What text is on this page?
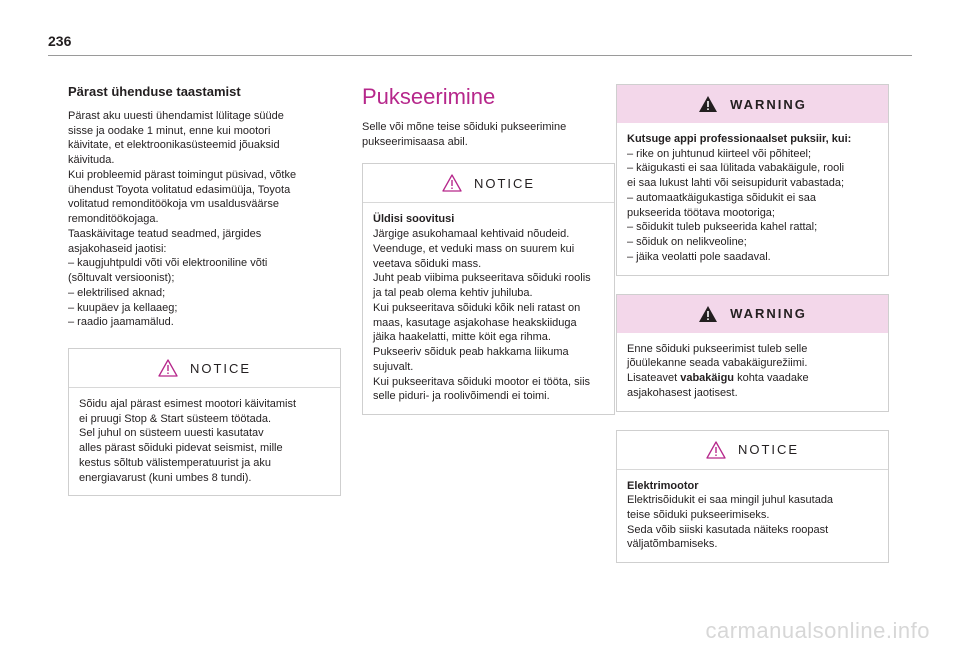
236
Pärast ühenduse taastamist
Pärast aku uuesti ühendamist lülitage süüde
sisse ja oodake 1 minut, enne kui mootori
käivitate, et elektroonikasüsteemid jõuaksid
käivituda.
Kui probleemid pärast toimingut püsivad, võtke
ühendust Toyota volitatud edasimüüja, Toyota
volitatud remonditöökoja vm usaldusväärse
remonditöökojaga.
Taaskäivitage teatud seadmed, järgides
asjakohaseid jaotisi:
– kaugjuhtpuldi võti või elektrooniline võti
(sõltuvalt versioonist);
– elektrilised aknad;
– kuupäev ja kellaaeg;
– raadio jaamamälud.
NOTICE
Sõidu ajal pärast esimest mootori käivitamist
ei pruugi Stop & Start süsteem töötada.
Sel juhul on süsteem uuesti kasutatav
alles pärast sõiduki pidevat seismist, mille
kestus sõltub välistemperatuurist ja aku
energiavarust (kuni umbes 8 tundi).
Pukseerimine
Selle või mõne teise sõiduki pukseerimine
pukseerimisaasa abil.
NOTICE
Üldisi soovitusi
Järgige asukohamaal kehtivaid nõudeid.
Veenduge, et veduki mass on suurem kui
veetava sõiduki mass.
Juht peab viibima pukseeritava sõiduki roolis
ja tal peab olema kehtiv juhiluba.
Kui pukseeritava sõiduki kõik neli ratast on
maas, kasutage asjakohase heakskiiduga
jäika haakelatti, mitte köit ega rihma.
Pukseeriv sõiduk peab hakkama liikuma
sujuvalt.
Kui pukseeritava sõiduki mootor ei tööta, siis
selle piduri- ja roolivõimendi ei toimi.
WARNING
Kutsuge appi professionaalset puksiir, kui:
– rike on juhtunud kiirteel või põhiteel;
– käigukasti ei saa lülitada vabakäigule, rooli
ei saa lukust lahti või seisupidurit vabastada;
– automaatkäigukastiga sõidukit ei saa
pukseerida töötava mootoriga;
– sõidukit tuleb pukseerida kahel rattal;
– sõiduk on nelikveoline;
– jäika veolatti pole saadaval.
WARNING
Enne sõiduki pukseerimist tuleb selle
jõuülekanne seada vabakäigurežiimi.
Lisateavet vabakäigu kohta vaadake
asjakohasest jaotisest.
NOTICE
Elektrimootor
Elektrisõidukit ei saa mingil juhul kasutada
teise sõiduki pukseerimiseks.
Seda võib siiski kasutada näiteks roopast
väljatõmbamiseks.
carmanualsonline.info
